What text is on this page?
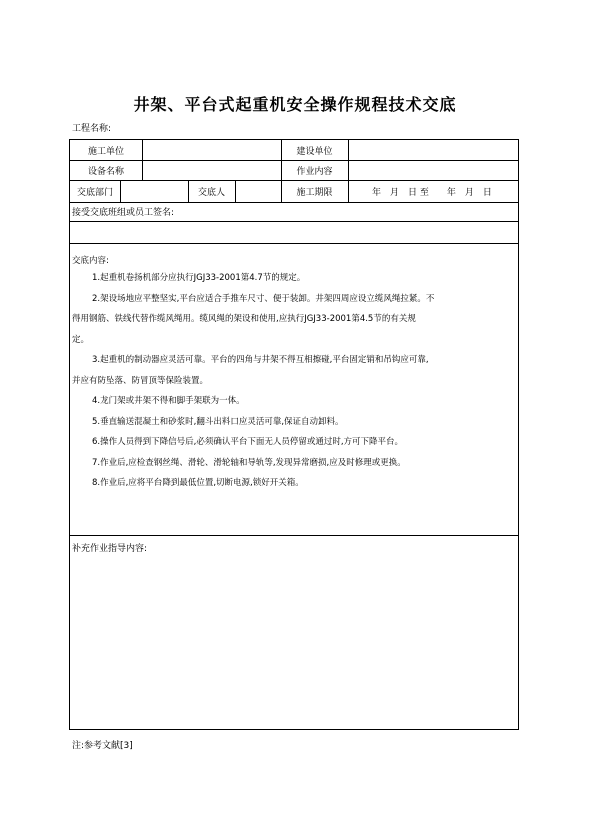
井架、平台式起重机安全操作规程技术交底
工程名称:
施工单位	建设单位
设备名称	作业内容
交底部门	交底人	施工期限	年　月　日 至　　年　月　日
接受交底班组或员工签名:
交底内容:

1.起重机卷扬机部分应执行JGJ33-2001第4.7节的规定。

2.架设场地应平整坚实,平台应适合手推车尺寸、便于装卸。井架四周应设立缆风绳拉紧。不

得用钢筋、铁线代替作缆风绳用。缆风绳的架设和使用,应执行JGJ33-2001第4.5节的有关规

定。

3.起重机的制动器应灵活可靠。平台的四角与井架不得互相擦碰,平台固定销和吊钩应可靠,

并应有防坠落、防冒顶等保险装置。

4.龙门架或井架不得和脚手架联为一体。

5.垂直输送混凝土和砂浆时,翻斗出料口应灵活可靠,保证自动卸料。

6.操作人员得到下降信号后,必须确认平台下面无人员停留或通过时,方可下降平台。

7.作业后,应检查钢丝绳、滑轮、滑轮轴和导轨等,发现异常磨损,应及时修理或更换。

8.作业后,应将平台降到最低位置,切断电源,锁好开关箱。

补充作业指导内容:
注:参考文献[3]
